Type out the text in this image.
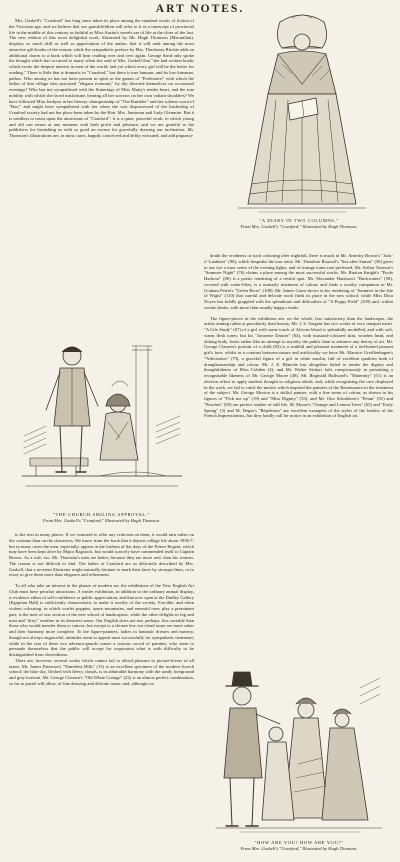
ART NOTES.

Mrs. Gaskell's "Cranford" has long since taken its place among the standard works of fiction of the Victorian age, and we believe that our grandchildren will refer to it as a transcript of provincial life in the middle of this century as faithful as Miss Austin's novels are of life at the close of the last. The new edition of this most delightful work, illustrated by Mr. Hugh Thomson (Macmillan), displays so much skill as well as appreciation of the author, that it will rank among the most attractive gift-books of the season; while the sympathetic preface by Mrs. Thackeray Ritchie adds an additional charm to a book which will bear reading over and over again. George Sand only spoke the thought which has occurred to many when she said of Mrs. Gaskell that "she had written books which excite the deepest interest in men of the world, and yet which every girl will be the better for reading." There is little that is dramatic in "Cranford," but there is true humour, and its low kinsman, pathos. Who among us has not been present in spirit at the games of "Preference" with which the ladies of that village who practised "elegant economy" by dry diverted themselves on occasional evenings? Who has not sympathised with the flutterings of Miss Matty's tender heart, and the true nobility with which she faced misfortune, bearing all her sorrows on her own valiant shoulders? We have followed Miss Jenkyns in her literary championship of "The Rambler" and her solemn scorn of "Boz," and might have sympathised with her when she was dispossessed of the leadership of Cranford society had not her place been taken by the Hon. Mrs. Jamieson and Lady Glenmire. But it is needless to insist upon the attractions of "Cranford": it is a quiet, peaceful work, to which young and old can return at any moment with both profit and pleasure; and we are grateful to the publishers for furnishing us with so good an excuse for gracefully drawing our inclination. Mr. Thomson's illustrations are, in most cases, happily conceived and deftly executed, and add piquancy

"THE CHURCH SMILING APPROVAL."
From Mrs. Gaskell's "Cranford," Illustrated by Hugh Thomson.

to the text in many places. If we ventured to offer any criticism on them, it would turn rather on the costume than on the characters. We know from the book that it depicts village life about 1836-7; but in many cases the men, especially, appear in the fashion of the days of the Prince Regent, which may have been kept alive by Major Bagstock, but would scarcely have commended itself to Captain Brown. As a rule, too, Mr. Thomson's men are better, because they are more real, than his women. The reason is not difficult to find. The ladies of Cranford are so delicately described by Mrs. Gaskell, that a reverent illustrator might naturally hesitate to mark their faces by stronger lines, or to essay to give them more than elegance and refinement.

To all who take an interest in the phases of modern art, the exhibitions of the New English Art Club must have peculiar attractions. A winter exhibition, in addition to the ordinary annual display, is evidence either of self-confidence or public appreciation, and that now open at the Dudley Gallery (Egyptian Hall) is sufficiently characteristic to make it worthy of the society. Forcible, and often violent colouring, in which scarlet poppies, azure mountains, and emerald trees play a prominent part, is the note of one section of the new school of landscapists, while the other delights in fog and mist and "dirty" weather in its dreariest sense. Our English skies are not, perhaps, less variable than those who would transfer them to canvas; but except to a chosen few our cloud tones are more sober and their harmony more complete. To the figure-painters, ladies in fantastic dresses and nursery, though not always engraceful, attitudes seem to appeal most successfully for sympathetic treatment; while in the rear of these two advance-guards comes a curious crowd of painters, who seem to persuade themselves that the public will accept for inspiration what is with difficulty to be distinguished from slovenliness.

There are, however, several works which cannot fail to afford pleasure to picture-lovers of all tastes. Mr. James Paterson's "Nameless Hills" (15) is an excellent specimen of the modern Scotch school; the blue sky, flecked with fleecy clouds, is in admirable harmony with the sandy foreground and grey horizon. Mr. George Clausen's "Old White Cottage" (22) is an almost perfect combination, so far as pastel will allow, of fine drawing and delicate tones; and, although we

"A DIARY IN TWO COLUMNS."
From Mrs. Gaskell's "Cranford," Illustrated by Hugh Thomson.

doubt the vividness of such colouring after nightfall, there is much in Mr. Arnesby Brown's "Jack-o'-Lanthern" (90), which bespeaks the true artist. Mr. Theodore Roussel's "Sea after Sunset" (56) gives to our eye a truer sense of the evening lights; and of strange tones rare preferred, Mr. Arthur Tomson's "Summer Night" (76) claims a place among the most successful works. Mr. Buxton Knight's "Poole Harbour" (80) is a poetic rendering of a restful spot. Mr. Alexander Harrison's "Backwaters" (58), covered with water-lilies, is a masterly treatment of colour, and finds a worthy companion in Mr. Graham Petrie's "Green River" (108). Mr. James Grant shows in his rendering of "Summer in the Isle of Wight" (110) that careful and delicate work finds its place in the new school; while Miss Dora Noyes has boldly grappled with the splendours and difficulties of "A Poppy Field" (109) and, within certain limits, with more than usually happy results.

The figure-pieces in the exhibition are, on the whole, less satisfactory than the landscapes, the artists aiming rather at peculiarity than beauty. Mr. J. S. Sargent has two works of very unequal merit. "A Life Study" (67) of a girl with some touch of African blood is splendidly modelled, and with soft, warm flesh tones; but his "Javanese Dancer" (64), with mustard-coloured skin, wooden head, and oblong body, looks rather like an attempt to mystify the public than to advance any theory of art. Mr. George Clausen's portrait of a child (83) is a truthful and pleasant treatment of a red-haired peasant girl's face; whilst as a contrast between nature and artificiality we have Mr. Maurice Greiffenhagen's "Affectation" (79), a graceful figure of a girl in white muslin, full of excellent qualities both of draughtsmanship and colour. Mr. J. E. Blanche has altogether failed to render the dignity and thoughtfulness of Miss Cobden (4); and Mr. Walter Sickert fails conspicuously in presenting a recognisable likeness of Mr. George Moore (48). Mr. Reginald Hallward's "Maternity" (51) is an obvious effort to apply modern thought to religious ideals, and, while recognising the care displayed in the work, we fail to catch the motive which inspired the painters of the Renaissance in the treatment of the subject. Mr. George Morton is a skilful painter, with a fine sense of colour, as shown in his figures of "Pick me up" (19) and "Miss Dignity" (33), and Mr. Otto Scholderer's "Peum" (91) and "Peaches" (93) are perfect studies of still life. M. Moore's "Orange and Lemon Trees" (65) and "Early Spring" (3) and M. Degas's "Répétition" are excellent examples of the styles of the leaders of the French Impressionists, but they hardly call for notice in an exhibition of English art.

"HOW ARE YOU? HOW ARE YOU?"
From Mrs. Gaskell's "Cranford," Illustrated by Hugh Thomson.
